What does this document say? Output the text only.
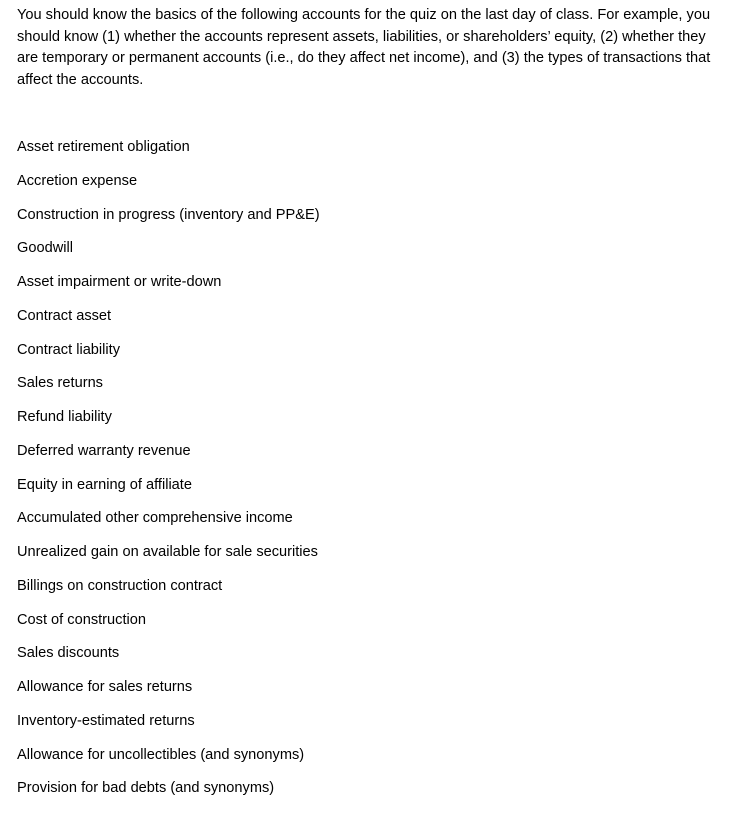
You should know the basics of the following accounts for the quiz on the last day of class. For example, you should know (1) whether the accounts represent assets, liabilities, or shareholders’ equity, (2) whether they are temporary or permanent accounts (i.e., do they affect net income), and (3) the types of transactions that affect the accounts.

Asset retirement obligation
Accretion expense
Construction in progress (inventory and PP&E)
Goodwill
Asset impairment or write-down
Contract asset
Contract liability
Sales returns
Refund liability
Deferred warranty revenue
Equity in earning of affiliate
Accumulated other comprehensive income
Unrealized gain on available for sale securities
Billings on construction contract
Cost of construction
Sales discounts
Allowance for sales returns
Inventory-estimated returns
Allowance for uncollectibles (and synonyms)
Provision for bad debts (and synonyms)
